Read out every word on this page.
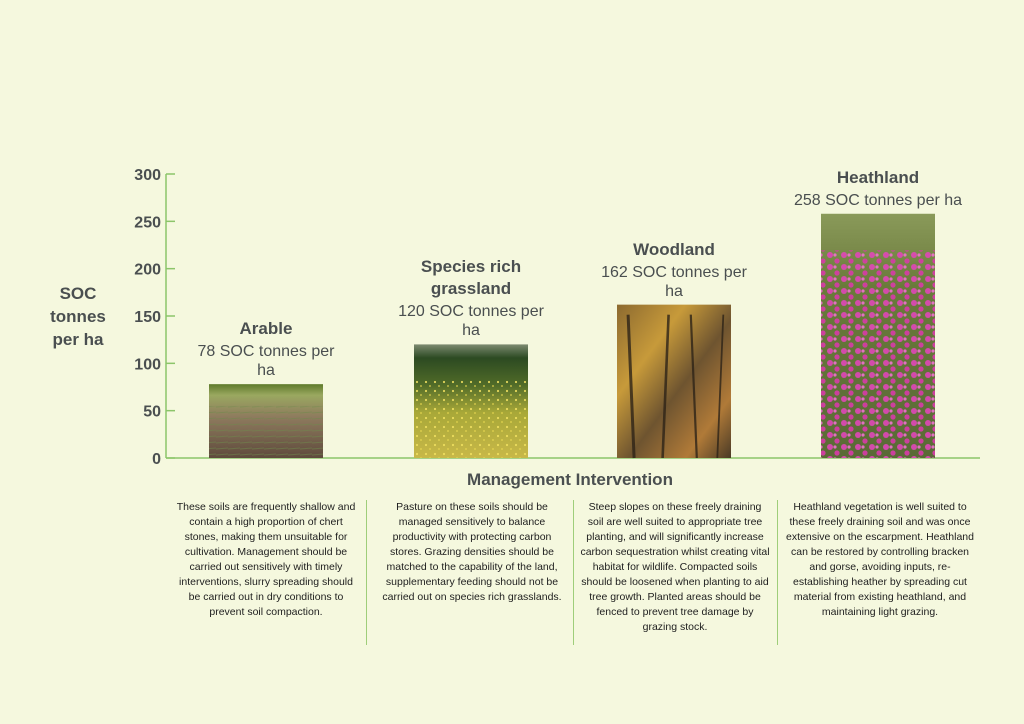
0
50
100
150
200
250
300
SOC tonnes per ha
Management Intervention
Arable
78 SOC tonnes per ha
Species rich grassland
120 SOC tonnes per ha
Woodland
162 SOC tonnes per ha
Heathland
258 SOC tonnes per ha
These soils are frequently shallow and contain a high proportion of chert stones, making them unsuitable for cultivation. Management should be carried out sensitively with timely interventions, slurry spreading should be carried out in dry conditions to prevent soil compaction.
Pasture on these soils should be managed sensitively to balance productivity with protecting carbon stores. Grazing densities should be matched to the capability of the land, supplementary feeding should not be carried out on species rich grasslands.
Steep slopes on these freely draining soil are well suited to appropriate tree planting, and will significantly increase carbon sequestration whilst creating vital habitat for wildlife. Compacted soils should be loosened when planting to aid tree growth. Planted areas should be fenced to prevent tree damage by grazing stock.
Heathland vegetation is well suited to these freely draining soil and was once extensive on the escarpment. Heathland can be restored by controlling bracken and gorse, avoiding inputs, re-establishing heather by spreading cut material from existing heathland, and maintaining light grazing.
